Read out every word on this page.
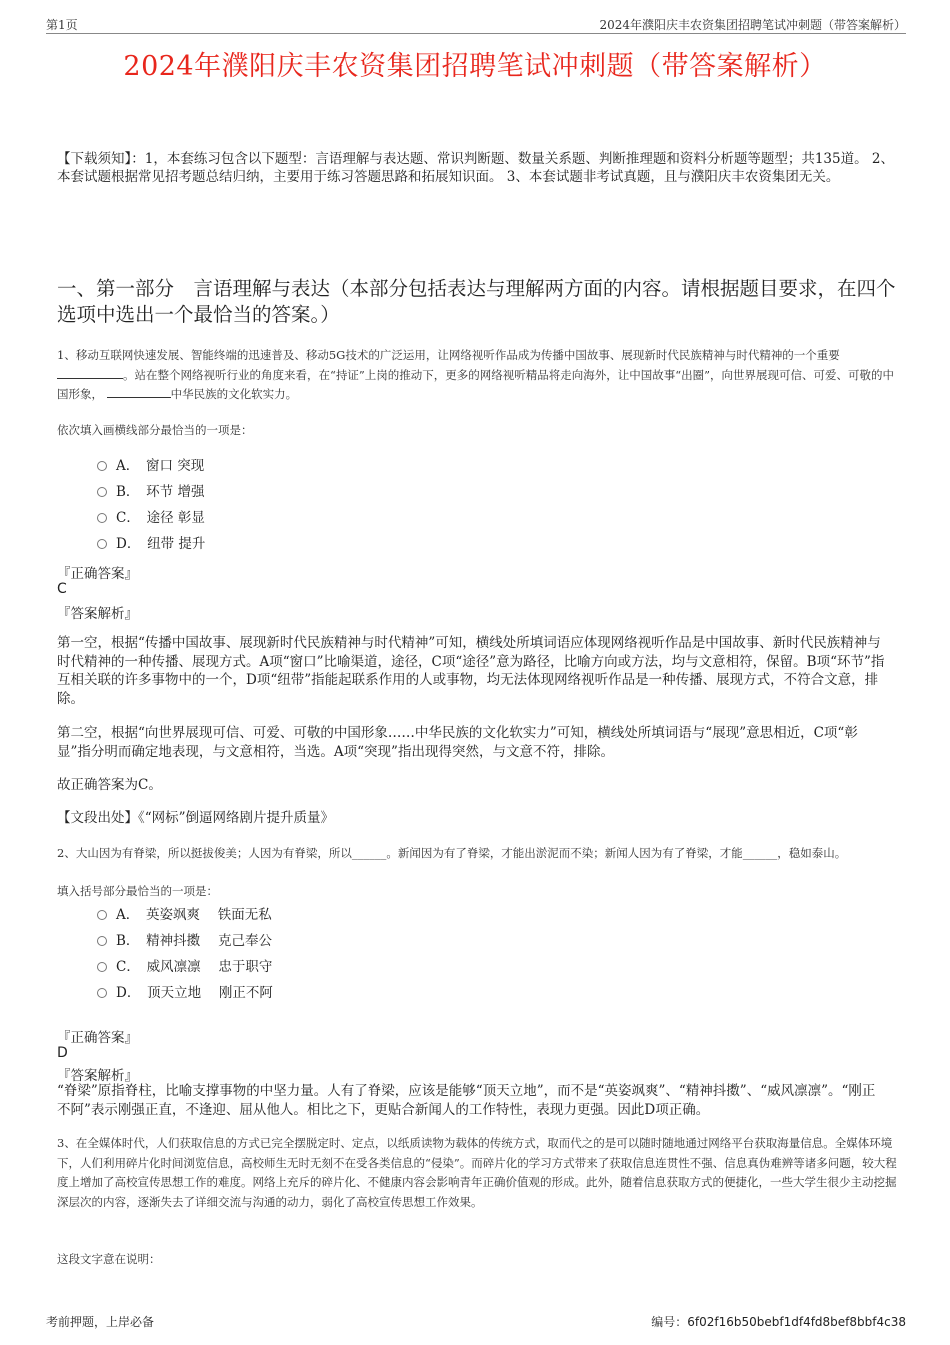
第1页	2024年濮阳庆丰农资集团招聘笔试冲刺题（带答案解析）
2024年濮阳庆丰农资集团招聘笔试冲刺题（带答案解析）
【下载须知】：1，本套练习包含以下题型：言语理解与表达题、常识判断题、数量关系题、判断推理题和资料分析题等题型；共135道。 2、本套试题根据常见招考题总结归纳，主要用于练习答题思路和拓展知识面。 3、本套试题非考试真题，且与濮阳庆丰农资集团无关。
一、第一部分　言语理解与表达（本部分包括表达与理解两方面的内容。请根据题目要求，在四个选项中选出一个最恰当的答案。）
1、移动互联网快速发展、智能终端的迅速普及、移动5G技术的广泛运用，让网络视听作品成为传播中国故事、展现新时代民族精神与时代精神的一个重要 。站在整个网络视听行业的角度来看，在“持证”上岗的推动下，更多的网络视听精品将走向海外，让中国故事“出圈”，向世界展现可信、可爱、可敬的中国形象，	中华民族的文化软实力。
依次填入画横线部分最恰当的一项是：
A．　窗口 突现
B．　环节 增强
C．　途径 彰显
D．　纽带 提升
『正确答案』
C
『答案解析』
第一空，根据“传播中国故事、展现新时代民族精神与时代精神”可知，横线处所填词语应体现网络视听作品是中国故事、新时代民族精神与时代精神的一种传播、展现方式。A项“窗口”比喻渠道，途径，C项“途径”意为路径，比喻方向或方法，均与文意相符，保留。B项“环节”指互相关联的许多事物中的一个，D项“纽带”指能起联系作用的人或事物，均无法体现网络视听作品是一种传播、展现方式，不符合文意，排除。
第二空，根据“向世界展现可信、可爱、可敬的中国形象……中华民族的文化软实力”可知，横线处所填词语与“展现”意思相近，C项“彰显”指分明而确定地表现，与文意相符，当选。A项“突现”指出现得突然，与文意不符，排除。
故正确答案为C。
【文段出处】《“网标”倒逼网络剧片提升质量》
2、大山因为有脊梁，所以挺拔俊美；人因为有脊梁，所以______。新闻因为有了脊梁，才能出淤泥而不染；新闻人因为有了脊梁，才能______，稳如泰山。
填入括号部分最恰当的一项是：
A．　英姿飒爽　 铁面无私
B．　精神抖擞　 克己奉公
C．　威风凛凛　 忠于职守
D．　顶天立地　 刚正不阿
『正确答案』
D
『答案解析』
“脊梁”原指脊柱，比喻支撑事物的中坚力量。人有了脊梁，应该是能够“顶天立地”，而不是“英姿飒爽”、“精神抖擞”、“威风凛凛”。“刚正不阿”表示刚强正直，不逢迎、屈从他人。相比之下，更贴合新闻人的工作特性，表现力更强。因此D项正确。
3、在全媒体时代，人们获取信息的方式已完全摆脱定时、定点，以纸质读物为载体的传统方式，取而代之的是可以随时随地通过网络平台获取海量信息。全媒体环境下，人们利用碎片化时间浏览信息，高校师生无时无刻不在受各类信息的“侵染”。而碎片化的学习方式带来了获取信息连贯性不强、信息真伪难辨等诸多问题，较大程度上增加了高校宣传思想工作的难度。网络上充斥的碎片化、不健康内容会影响青年正确价值观的形成。此外，随着信息获取方式的便捷化，一些大学生很少主动挖掘深层次的内容，逐渐失去了详细交流与沟通的动力，弱化了高校宣传思想工作效果。
这段文字意在说明：
考前押题，上岸必备	编号：6f02f16b50bebf1df4fd8bef8bbf4c38
